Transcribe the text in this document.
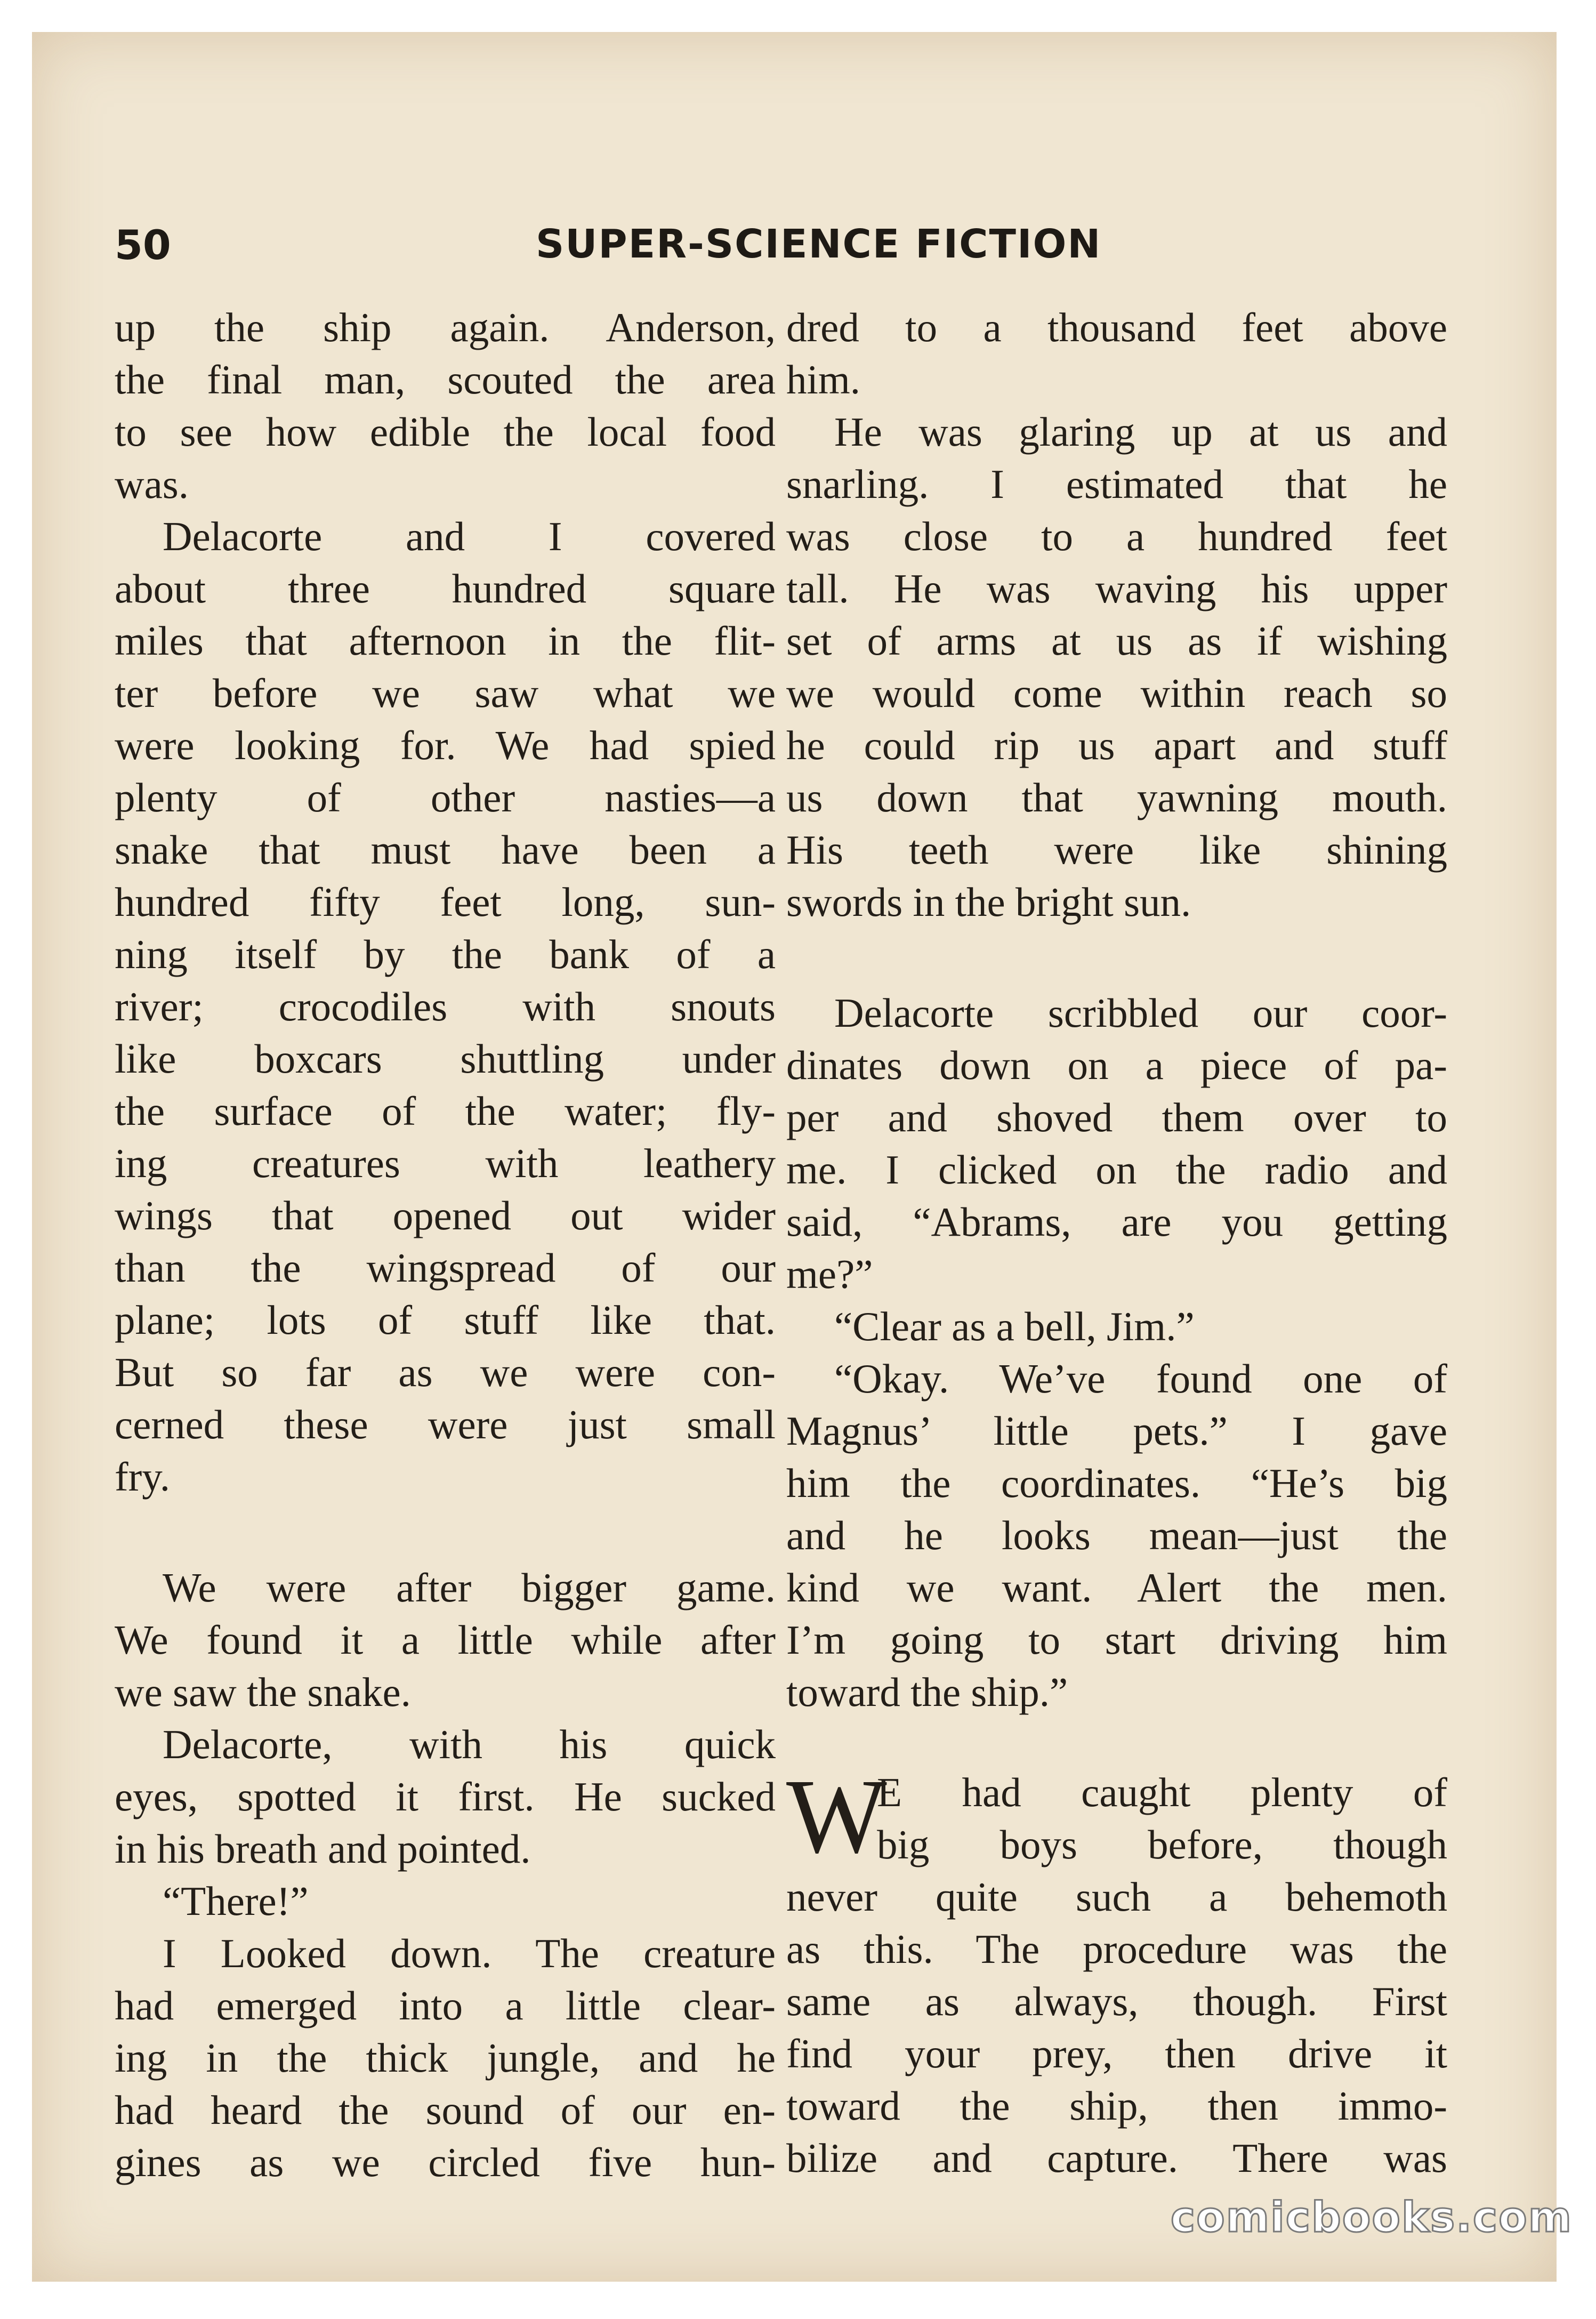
50	SUPER-SCIENCE FICTION
up the ship again. Anderson,
the final man, scouted the area
to see how edible the local food
was.
Delacorte and I covered
about three hundred square
miles that afternoon in the flit-
ter before we saw what we
were looking for. We had spied
plenty of other nasties—a
snake that must have been a
hundred fifty feet long, sun-
ning itself by the bank of a
river; crocodiles with snouts
like boxcars shuttling under
the surface of the water; fly-
ing creatures with leathery
wings that opened out wider
than the wingspread of our
plane; lots of stuff like that.
But so far as we were con-
cerned these were just small
fry.
We were after bigger game.
We found it a little while after
we saw the snake.
Delacorte, with his quick
eyes, spotted it first. He sucked
in his breath and pointed.
“There!”
I Looked down. The creature
had emerged into a little clear-
ing in the thick jungle, and he
had heard the sound of our en-
gines as we circled five hun-
dred to a thousand feet above
him.
He was glaring up at us and
snarling. I estimated that he
was close to a hundred feet
tall. He was waving his upper
set of arms at us as if wishing
we would come within reach so
he could rip us apart and stuff
us down that yawning mouth.
His teeth were like shining
swords in the bright sun.
Delacorte scribbled our coor-
dinates down on a piece of pa-
per and shoved them over to
me. I clicked on the radio and
said, “Abrams, are you getting
me?”
“Clear as a bell, Jim.”
“Okay. We’ve found one of
Magnus’ little pets.” I gave
him the coordinates. “He’s big
and he looks mean—just the
kind we want. Alert the men.
I’m going to start driving him
toward the ship.”
W
E had caught plenty of
big boys before, though
never quite such a behemoth
as this. The procedure was the
same as always, though. First
find your prey, then drive it
toward the ship, then immo-
bilize and capture. There was
comicbooks.com
